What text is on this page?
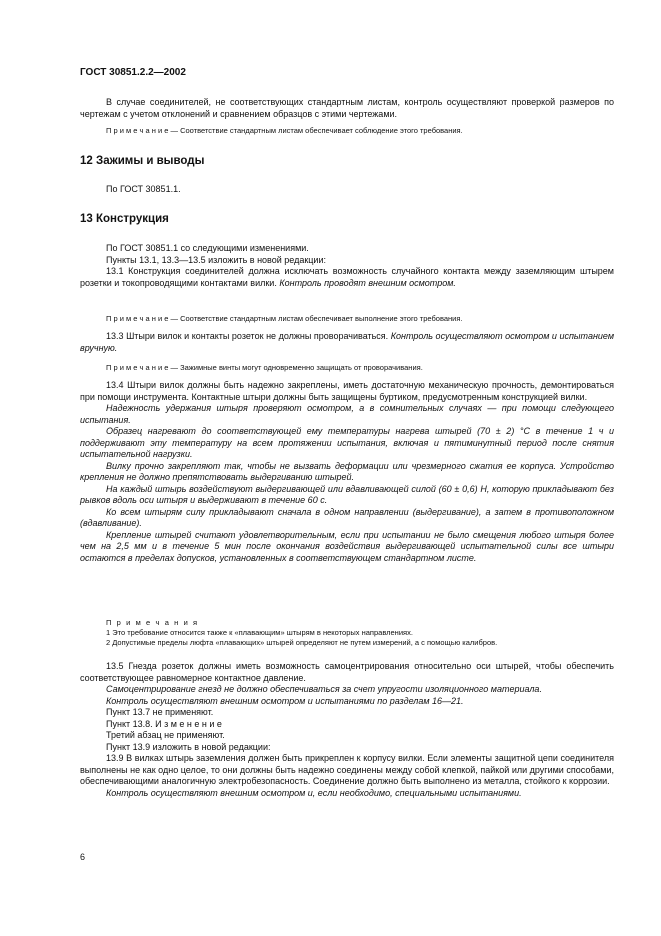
ГОСТ 30851.2.2—2002

В случае соединителей, не соответствующих стандартным листам, контроль осуществляют проверкой размеров по чертежам с учетом отклонений и сравнением образцов с этими чертежами.

П р и м е ч а н и е — Соответствие стандартным листам обеспечивает соблюдение этого требования.

12 Зажимы и выводы

По ГОСТ 30851.1.

13 Конструкция

По ГОСТ 30851.1 со следующими изменениями.

Пункты 13.1, 13.3—13.5 изложить в новой редакции:

13.1 Конструкция соединителей должна исключать возможность случайного контакта между заземляющим штырем розетки и токопроводящими контактами вилки. Контроль проводят внешним осмотром.

П р и м е ч а н и е — Соответствие стандартным листам обеспечивает выполнение этого требования.

13.3 Штыри вилок и контакты розеток не должны проворачиваться. Контроль осуществляют осмотром и испытанием вручную.

П р и м е ч а н и е — Зажимные винты могут одновременно защищать от проворачивания.

13.4 Штыри вилок должны быть надежно закреплены, иметь достаточную механическую прочность, демонтироваться при помощи инструмента. Контактные штыри должны быть защищены буртиком, предусмотренным конструкцией вилки.

Надежность удержания штыря проверяют осмотром, а в сомнительных случаях — при помощи следующего испытания.

Образец нагревают до соответствующей ему температуры нагрева штырей (70 ± 2) °С в течение 1 ч и поддерживают эту температуру на всем протяжении испытания, включая и пятиминутный период после снятия испытательной нагрузки.

Вилку прочно закрепляют так, чтобы не вызвать деформации или чрезмерного сжатия ее корпуса. Устройство крепления не должно препятствовать выдергиванию штырей.

На каждый штырь воздействуют выдергивающей или вдавливающей силой (60 ± 0,6) Н, которую прикладывают без рывков вдоль оси штыря и выдерживают в течение 60 с.

Ко всем штырям силу прикладывают сначала в одном направлении (выдергивание), а затем в противоположном (вдавливание).

Крепление штырей считают удовлетворительным, если при испытании не было смещения любого штыря более чем на 2,5 мм и в течение 5 мин после окончания воздействия выдергивающей испытательной силы все штыри остаются в пределах допусков, установленных в соответствующем стандартном листе.

П р и м е ч а н и я

1 Это требование относится также к «плавающим» штырям в некоторых направлениях.

2 Допустимые пределы люфта «плавающих» штырей определяют не путем измерений, а с помощью калибров.

13.5 Гнезда розеток должны иметь возможность самоцентрирования относительно оси штырей, чтобы обеспечить соответствующее равномерное контактное давление.

Самоцентрирование гнезд не должно обеспечиваться за счет упругости изоляционного материала.

Контроль осуществляют внешним осмотром и испытаниями по разделам 16—21.

Пункт 13.7 не применяют.

Пункт 13.8. И з м е н е н и е

Третий абзац не применяют.

Пункт 13.9 изложить в новой редакции:

13.9 В вилках штырь заземления должен быть прикреплен к корпусу вилки. Если элементы защитной цепи соединителя выполнены не как одно целое, то они должны быть надежно соединены между собой клепкой, пайкой или другими способами, обеспечивающими аналогичную электробезопасность. Соединение должно быть выполнено из металла, стойкого к коррозии.

Контроль осуществляют внешним осмотром и, если необходимо, специальными испытаниями.

6
